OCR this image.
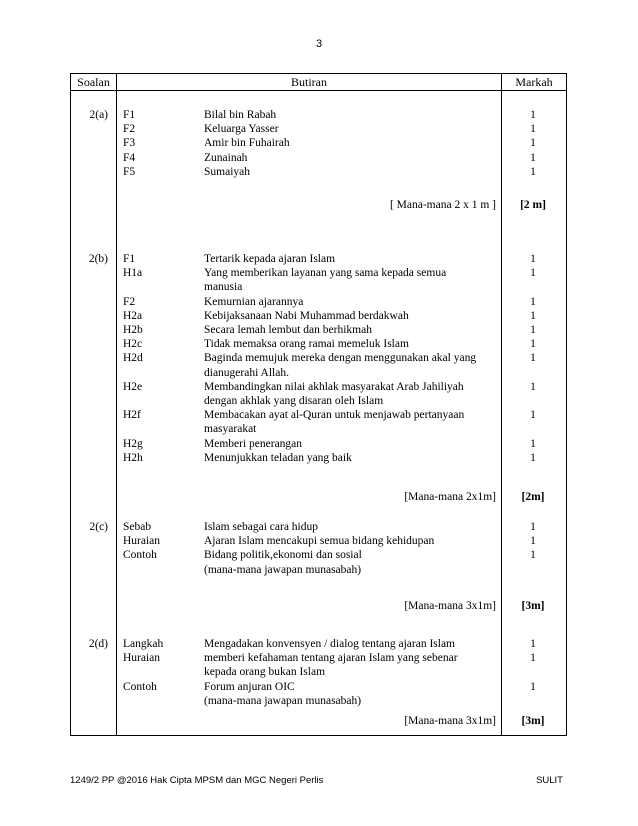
3
Soalan	Butiran	Markah
2(a) F1	Bilal bin Rabah	1
F2	Keluarga Yasser	1
F3	Amir bin Fuhairah	1
F4	Zunainah	1
F5	Sumaiyah	1
[ Mana-mana 2 x 1 m ]	[2 m]
2(b) F1	Tertarik kepada ajaran Islam	1
H1a	Yang memberikan layanan yang sama kepada semua	1
manusia
F2	Kemurnian ajarannya	1
H2a	Kebijaksanaan Nabi Muhammad berdakwah	1
H2b	Secara lemah lembut dan berhikmah	1
H2c	Tidak memaksa orang ramai memeluk Islam	1
H2d	Baginda memujuk mereka dengan menggunakan akal yang	1
dianugerahi Allah.
H2e	Membandingkan nilai akhlak masyarakat Arab Jahiliyah	1
dengan akhlak yang disaran oleh Islam
H2f	Membacakan ayat al-Quran untuk menjawab pertanyaan	1
masyarakat
H2g	Memberi penerangan	1
H2h	Menunjukkan teladan yang baik	1
[Mana-mana 2x1m]	[2m]
2(c) Sebab	Islam sebagai cara hidup	1
Huraian	Ajaran Islam mencakupi semua bidang kehidupan	1
Contoh	Bidang politik,ekonomi dan sosial	1
(mana-mana jawapan munasabah)
[Mana-mana 3x1m]	[3m]
2(d) Langkah	Mengadakan konvensyen / dialog tentang ajaran Islam	1
Huraian	memberi kefahaman tentang ajaran Islam yang sebenar	1
kepada orang bukan Islam
Contoh	Forum anjuran OIC	1
(mana-mana jawapan munasabah)
[Mana-mana 3x1m]	[3m]
1249/2 PP @2016 Hak Cipta MPSM dan MGC Negeri Perlis	SULIT
